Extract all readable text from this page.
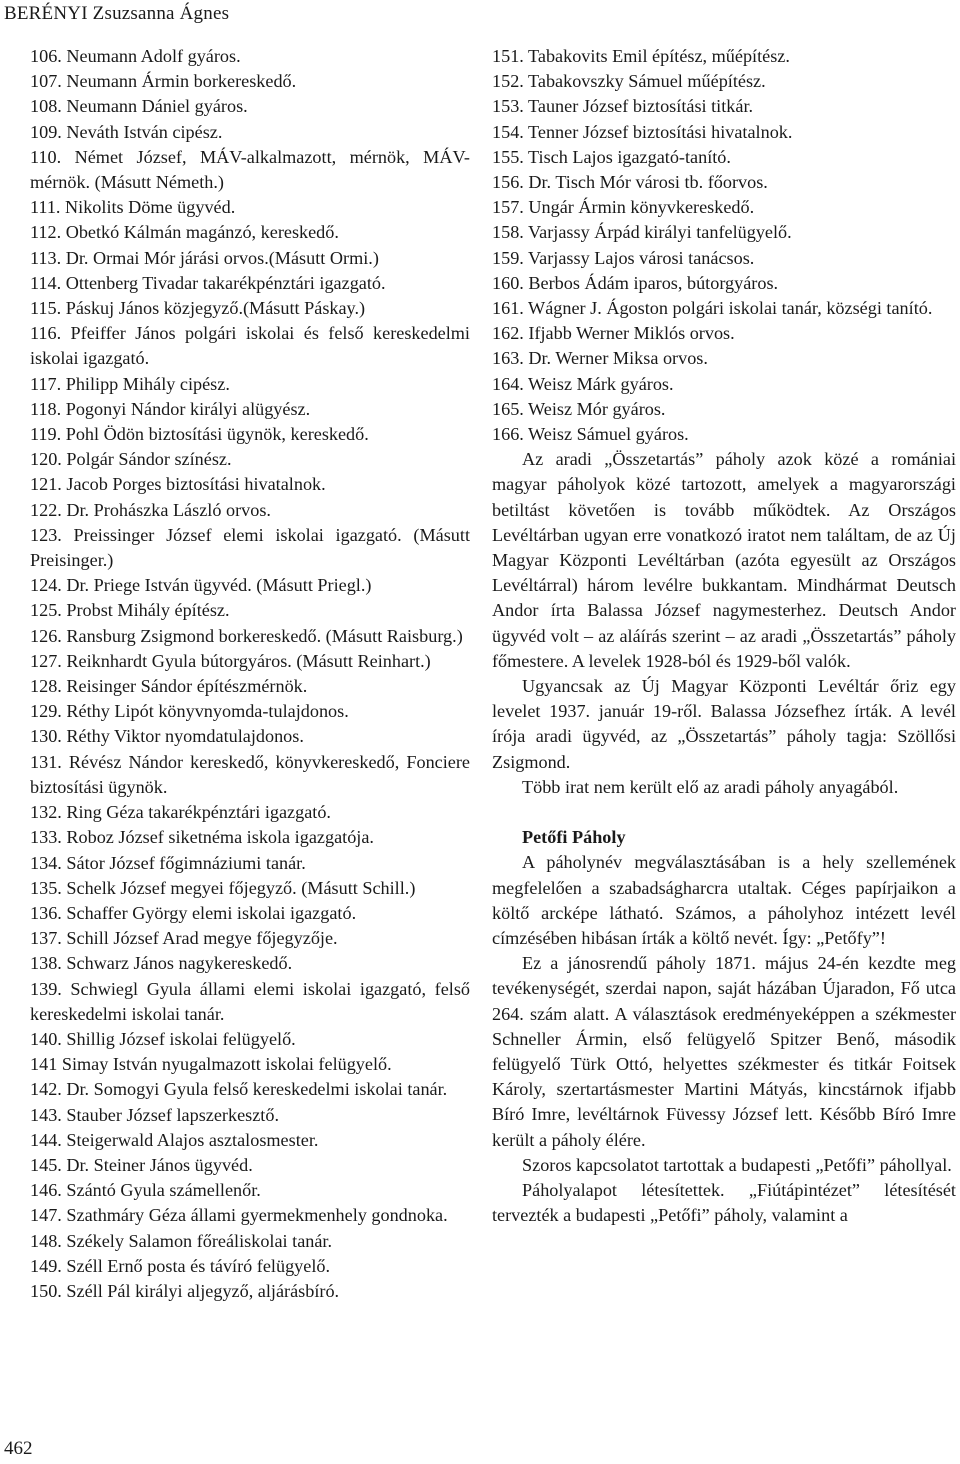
BERÉNYI Zsuzsanna Ágnes
106. Neumann Adolf gyáros.
107. Neumann Ármin borkereskedő.
108. Neumann Dániel gyáros.
109. Neváth István cipész.
110. Német József, MÁV-alkalmazott, mérnök, MÁV-mérnök. (Másutt Németh.)
111. Nikolits Döme ügyvéd.
112. Obetkó Kálmán magánzó, kereskedő.
113. Dr. Ormai Mór járási orvos.(Másutt Ormi.)
114. Ottenberg Tivadar takarékpénztári igazgató.
115. Páskuj János közjegyző.(Másutt Páskay.)
116. Pfeiffer János polgári iskolai és felső kereskedelmi iskolai igazgató.
117. Philipp Mihály cipész.
118. Pogonyi Nándor királyi alügyész.
119. Pohl Ödön biztosítási ügynök, kereskedő.
120. Polgár Sándor színész.
121. Jacob Porges biztosítási hivatalnok.
122. Dr. Prohászka László orvos.
123. Preissinger József elemi iskolai igazgató. (Másutt Preisinger.)
124. Dr. Priege István ügyvéd. (Másutt Priegl.)
125. Probst Mihály építész.
126. Ransburg Zsigmond borkereskedő. (Másutt Raisburg.)
127. Reiknhardt Gyula bútorgyáros. (Másutt Reinhart.)
128. Reisinger Sándor építészmérnök.
129. Réthy Lipót könyvnyomda-tulajdonos.
130. Réthy Viktor nyomdatulajdonos.
131. Révész Nándor kereskedő, könyvkereskedő, Fonciere biztosítási ügynök.
132. Ring Géza takarékpénztári igazgató.
133. Roboz József siketnéma iskola igazgatója.
134. Sátor József főgimnáziumi tanár.
135. Schelk József megyei főjegyző. (Másutt Schill.)
136. Schaffer György elemi iskolai igazgató.
137. Schill József Arad megye főjegyzője.
138. Schwarz János nagykereskedő.
139. Schwiegl Gyula állami elemi iskolai igazgató, felső kereskedelmi iskolai tanár.
140. Shillig József iskolai felügyelő.
141 Simay István nyugalmazott iskolai felügyelő.
142. Dr. Somogyi Gyula felső kereskedelmi iskolai tanár.
143. Stauber József lapszerkesztő.
144. Steigerwald Alajos asztalosmester.
145. Dr. Steiner János ügyvéd.
146. Szántó Gyula számellenőr.
147. Szathmáry Géza állami gyermekmenhely gondnoka.
148. Székely Salamon főreáliskolai tanár.
149. Széll Ernő posta és távíró felügyelő.
150. Széll Pál királyi aljegyző, aljárásbíró.
151. Tabakovits Emil építész, műépítész.
152. Tabakovszky Sámuel műépítész.
153. Tauner József biztosítási titkár.
154. Tenner József biztosítási hivatalnok.
155. Tisch Lajos igazgató-tanító.
156. Dr. Tisch Mór városi tb. főorvos.
157. Ungár Ármin könyvkereskedő.
158. Varjassy Árpád királyi tanfelügyelő.
159. Varjassy Lajos városi tanácsos.
160. Berbos Ádám iparos, bútorgyáros.
161. Wágner J. Ágoston polgári iskolai tanár, községi tanító.
162. Ifjabb Werner Miklós orvos.
163. Dr. Werner Miksa orvos.
164. Weisz Márk gyáros.
165. Weisz Mór gyáros.
166. Weisz Sámuel gyáros.

Az aradi „Összetartás” páholy azok közé a romániai magyar páholyok közé tartozott, amelyek a magyarországi betiltást követően is tovább működtek. Az Országos Levéltárban ugyan erre vonatkozó iratot nem találtam, de az Új Magyar Központi Levéltárban (azóta egyesült az Országos Levéltárral) három levélre bukkantam. Mindhármat Deutsch Andor írta Balassa József nagymesterhez. Deutsch Andor ügyvéd volt – az aláírás szerint – az aradi „Összetartás” páholy főmestere. A levelek 1928-ból és 1929-ből valók.

Ugyancsak az Új Magyar Központi Levéltár őriz egy levelet 1937. január 19-ről. Balassa Józsefhez írták. A levél írója aradi ügyvéd, az „Összetartás” páholy tagja: Szöllősi Zsigmond.

Több irat nem került elő az aradi páholy anyagából.

Petőfi Páholy

A páholynév megválasztásában is a hely szellemének megfelelően a szabadságharcra utaltak. Céges papírjaikon a költő arcképe látható. Számos, a páholyhoz intézett levél címzésében hibásan írták a költő nevét. Így: „Petőfy”!

Ez a jánosrendű páholy 1871. május 24-én kezdte meg tevékenységét, szerdai napon, saját házában Újaradon, Fő utca 264. szám alatt. A választások eredményeképpen a székmester Schneller Ármin, első felügyelő Spitzer Benő, második felügyelő Türk Ottó, helyettes székmester és titkár Foitsek Károly, szertartásmester Martini Mátyás, kincstárnok ifjabb Bíró Imre, levéltárnok Füvessy József lett. Később Bíró Imre került a páholy élére.

Szoros kapcsolatot tartottak a budapesti „Petőfi” páhollyal.

Páholyalapot létesítettek. „Fiútápintézet” létesítését tervezték a budapesti „Petőfi” páholy, valamint a

462
